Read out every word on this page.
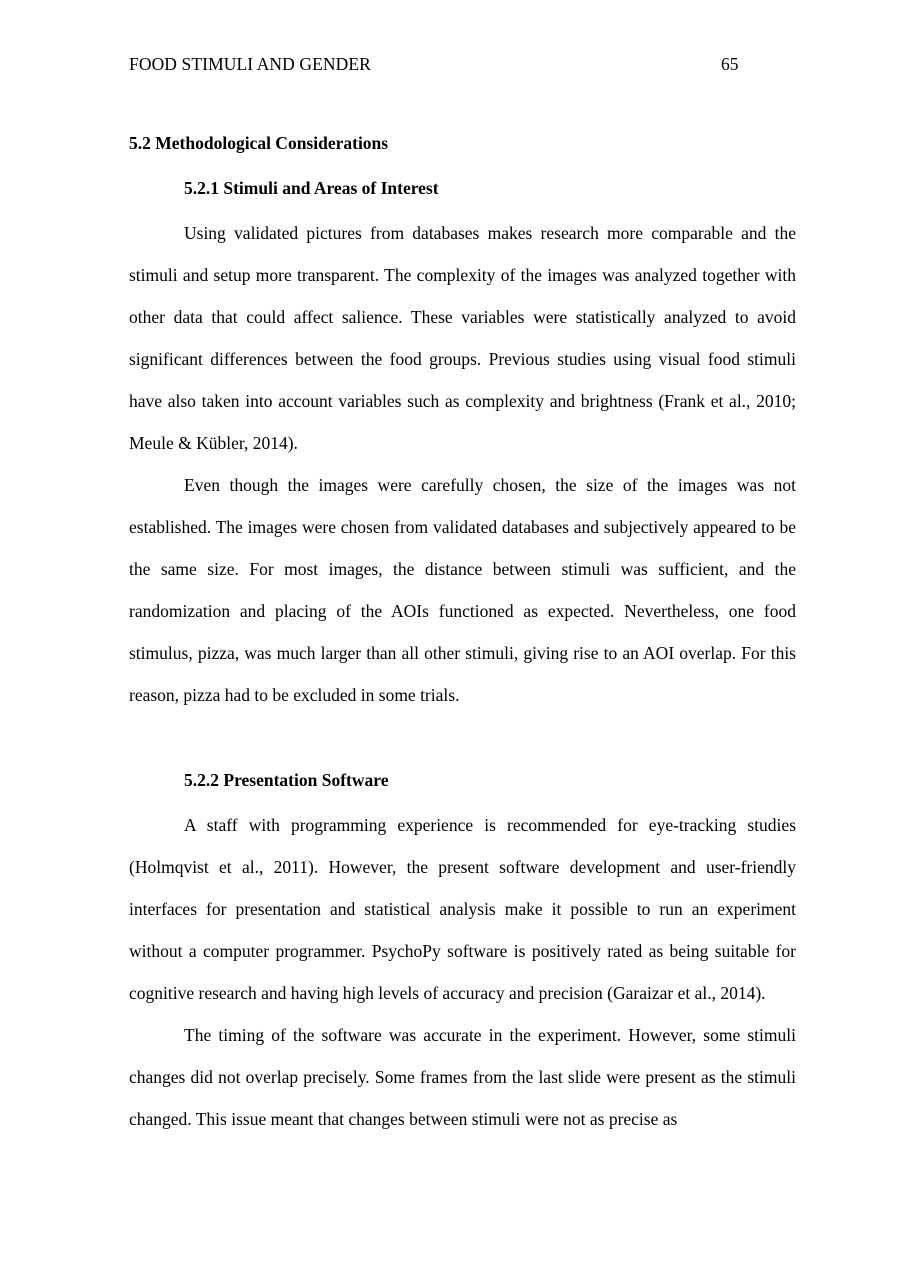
FOOD STIMULI AND GENDER	65

5.2 Methodological Considerations

5.2.1 Stimuli and Areas of Interest

Using validated pictures from databases makes research more comparable and the stimuli and setup more transparent. The complexity of the images was analyzed together with other data that could affect salience. These variables were statistically analyzed to avoid significant differences between the food groups. Previous studies using visual food stimuli have also taken into account variables such as complexity and brightness (Frank et al., 2010; Meule & Kübler, 2014).

Even though the images were carefully chosen, the size of the images was not established. The images were chosen from validated databases and subjectively appeared to be the same size. For most images, the distance between stimuli was sufficient, and the randomization and placing of the AOIs functioned as expected. Nevertheless, one food stimulus, pizza, was much larger than all other stimuli, giving rise to an AOI overlap. For this reason, pizza had to be excluded in some trials.

5.2.2 Presentation Software

A staff with programming experience is recommended for eye-tracking studies (Holmqvist et al., 2011). However, the present software development and user-friendly interfaces for presentation and statistical analysis make it possible to run an experiment without a computer programmer. PsychoPy software is positively rated as being suitable for cognitive research and having high levels of accuracy and precision (Garaizar et al., 2014).

The timing of the software was accurate in the experiment. However, some stimuli changes did not overlap precisely. Some frames from the last slide were present as the stimuli changed. This issue meant that changes between stimuli were not as precise as
